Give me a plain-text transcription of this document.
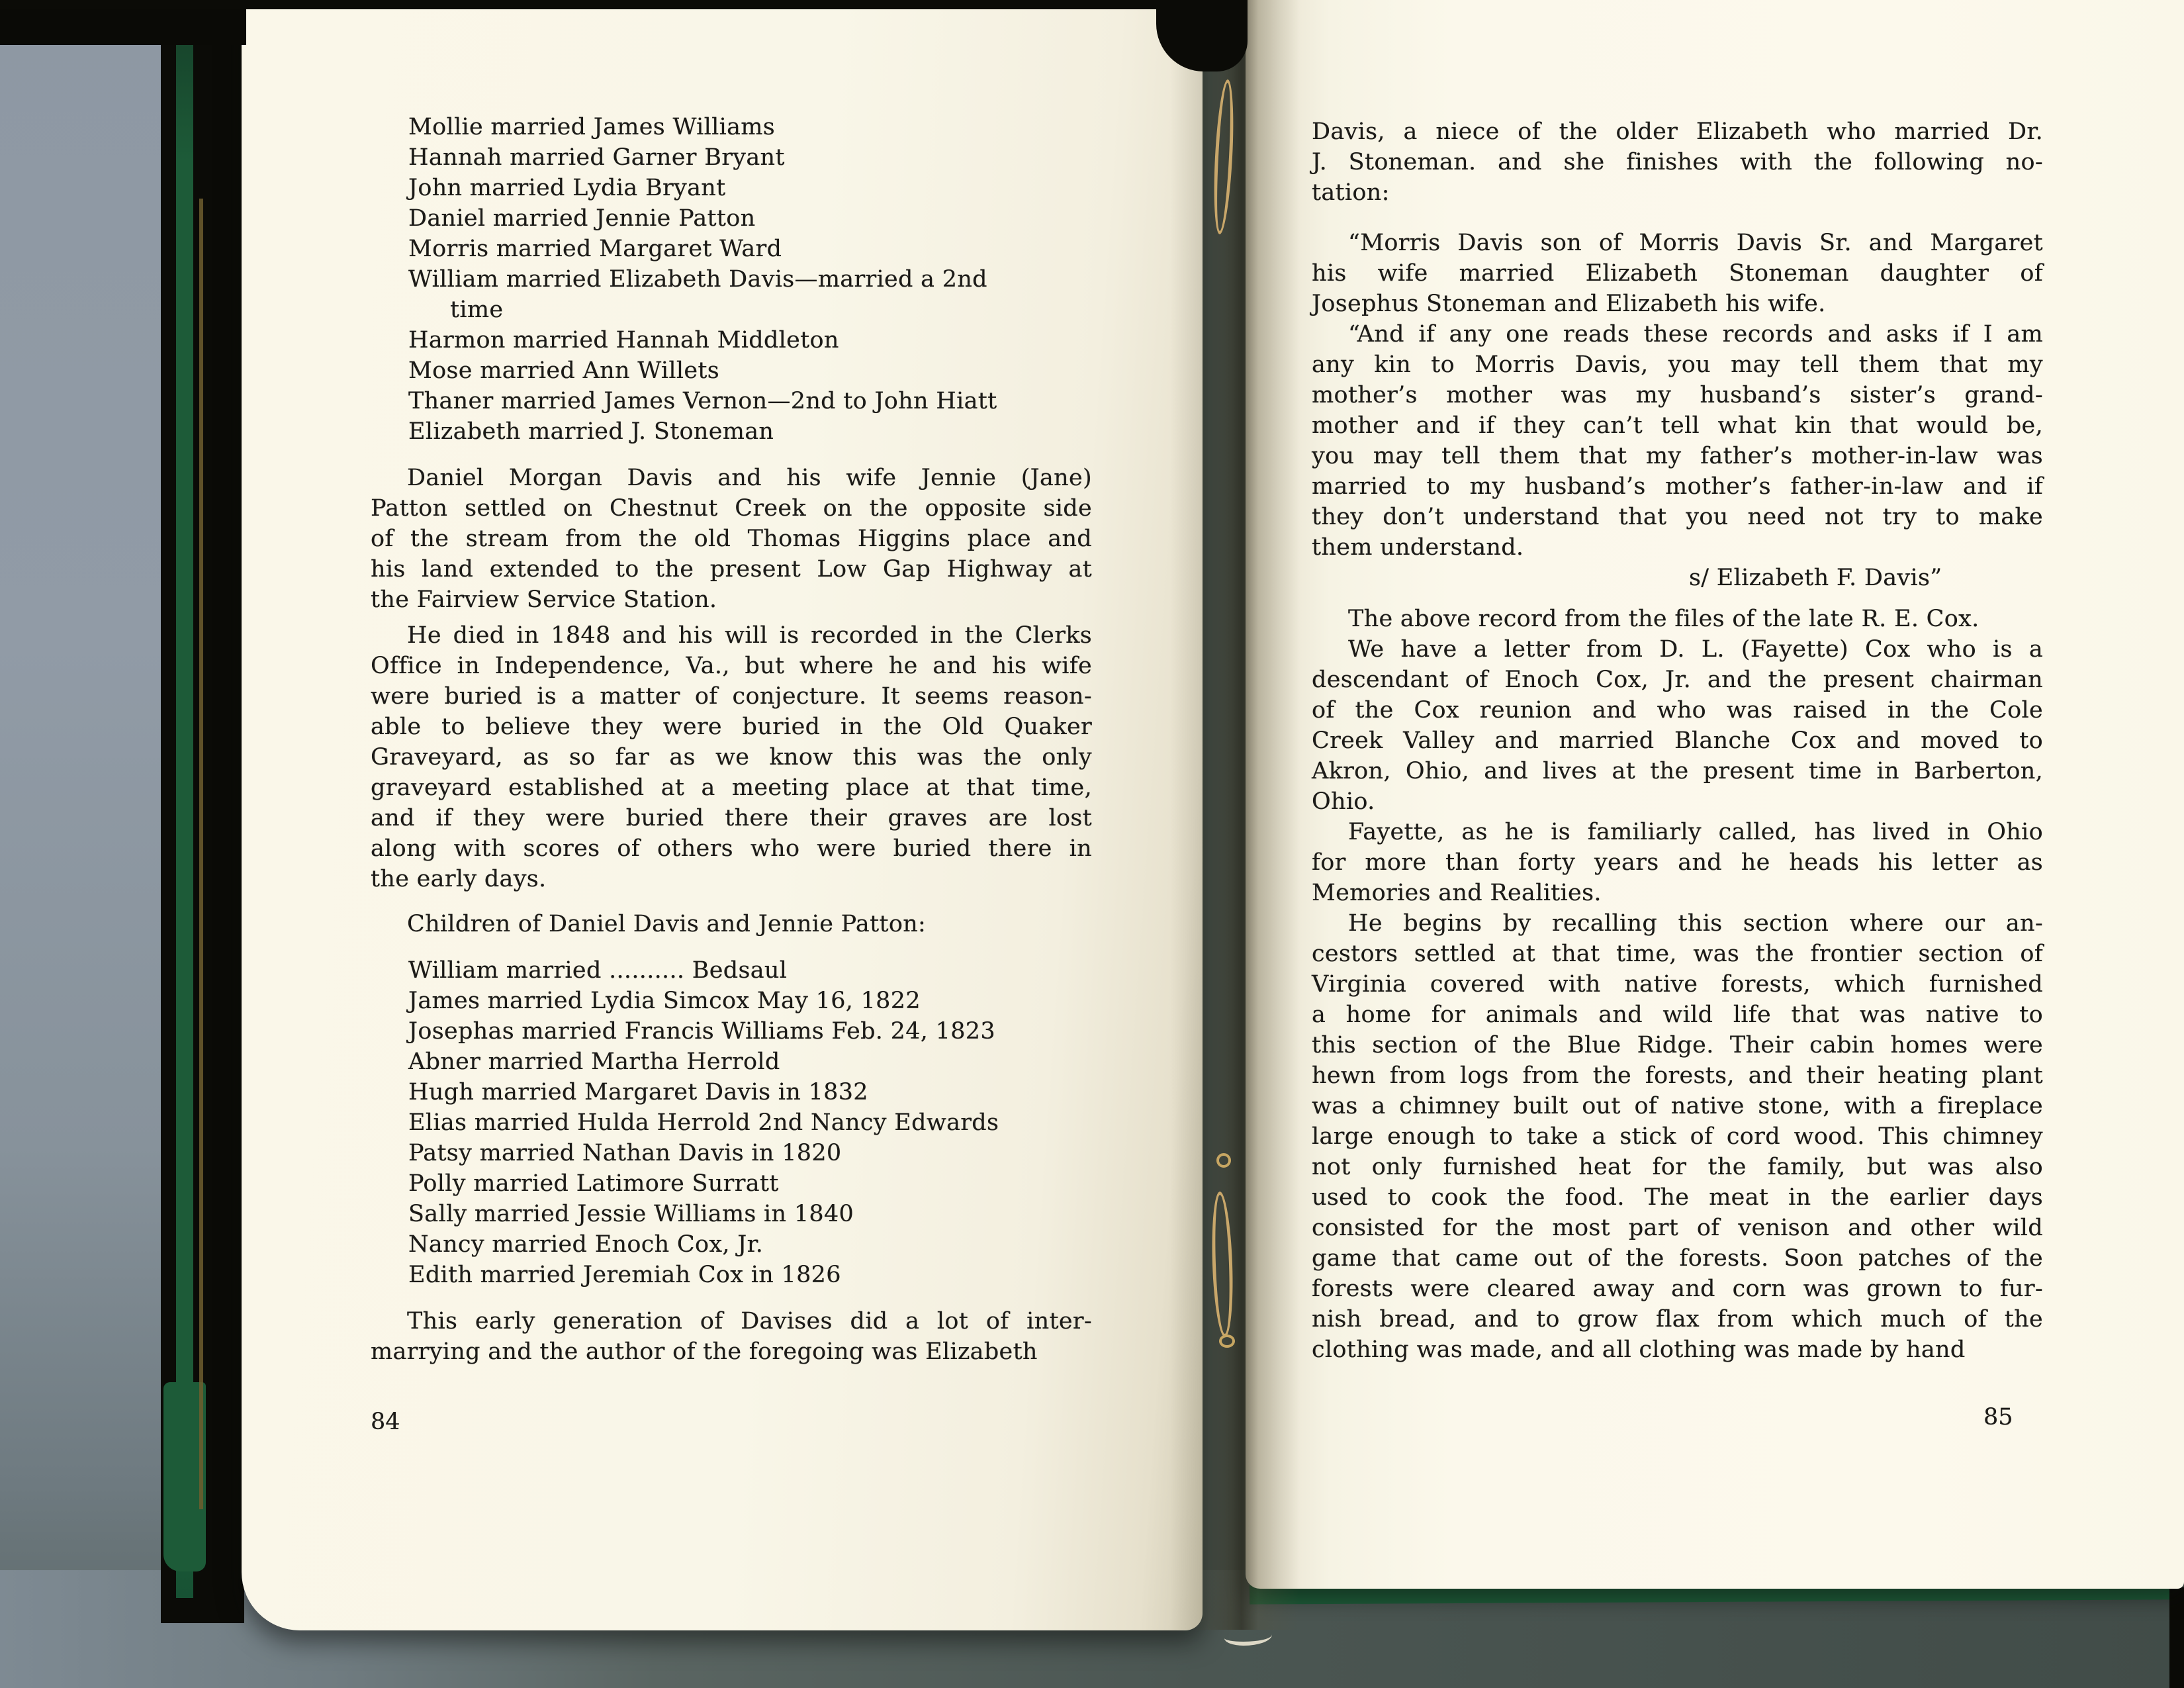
Mollie married James Williams
Hannah married Garner Bryant
John married Lydia Bryant
Daniel married Jennie Patton
Morris married Margaret Ward
William married Elizabeth Davis—married a 2nd
time
Harmon married Hannah Middleton
Mose married Ann Willets
Thaner married James Vernon—2nd to John Hiatt
Elizabeth married J. Stoneman
Daniel Morgan Davis and his wife Jennie (Jane)
Patton settled on Chestnut Creek on the opposite side
of the stream from the old Thomas Higgins place and
his land extended to the present Low Gap Highway at
the Fairview Service Station.
He died in 1848 and his will is recorded in the Clerks
Office in Independence, Va., but where he and his wife
were buried is a matter of conjecture. It seems reason-
able to believe they were buried in the Old Quaker
Graveyard, as so far as we know this was the only
graveyard established at a meeting place at that time,
and if they were buried there their graves are lost
along with scores of others who were buried there in
the early days.
Children of Daniel Davis and Jennie Patton:
William married .......... Bedsaul
James married Lydia Simcox May 16, 1822
Josephas married Francis Williams Feb. 24, 1823
Abner married Martha Herrold
Hugh married Margaret Davis in 1832
Elias married Hulda Herrold 2nd Nancy Edwards
Patsy married Nathan Davis in 1820
Polly married Latimore Surratt
Sally married Jessie Williams in 1840
Nancy married Enoch Cox, Jr.
Edith married Jeremiah Cox in 1826
This early generation of Davises did a lot of inter-
marrying and the author of the foregoing was Elizabeth
84
Davis, a niece of the older Elizabeth who married Dr.
J. Stoneman. and she finishes with the following no-
tation:
“Morris Davis son of Morris Davis Sr. and Margaret
his wife married Elizabeth Stoneman daughter of
Josephus Stoneman and Elizabeth his wife.
“And if any one reads these records and asks if I am
any kin to Morris Davis, you may tell them that my
mother’s mother was my husband’s sister’s grand-
mother and if they can’t tell what kin that would be,
you may tell them that my father’s mother-in-law was
married to my husband’s mother’s father-in-law and if
they don’t understand that you need not try to make
them understand.
s/ Elizabeth F. Davis”
The above record from the files of the late R. E. Cox.
We have a letter from D. L. (Fayette) Cox who is a
descendant of Enoch Cox, Jr. and the present chairman
of the Cox reunion and who was raised in the Cole
Creek Valley and married Blanche Cox and moved to
Akron, Ohio, and lives at the present time in Barberton,
Ohio.
Fayette, as he is familiarly called, has lived in Ohio
for more than forty years and he heads his letter as
Memories and Realities.
He begins by recalling this section where our an-
cestors settled at that time, was the frontier section of
Virginia covered with native forests, which furnished
a home for animals and wild life that was native to
this section of the Blue Ridge. Their cabin homes were
hewn from logs from the forests, and their heating plant
was a chimney built out of native stone, with a fireplace
large enough to take a stick of cord wood. This chimney
not only furnished heat for the family, but was also
used to cook the food. The meat in the earlier days
consisted for the most part of venison and other wild
game that came out of the forests. Soon patches of the
forests were cleared away and corn was grown to fur-
nish bread, and to grow flax from which much of the
clothing was made, and all clothing was made by hand
85
